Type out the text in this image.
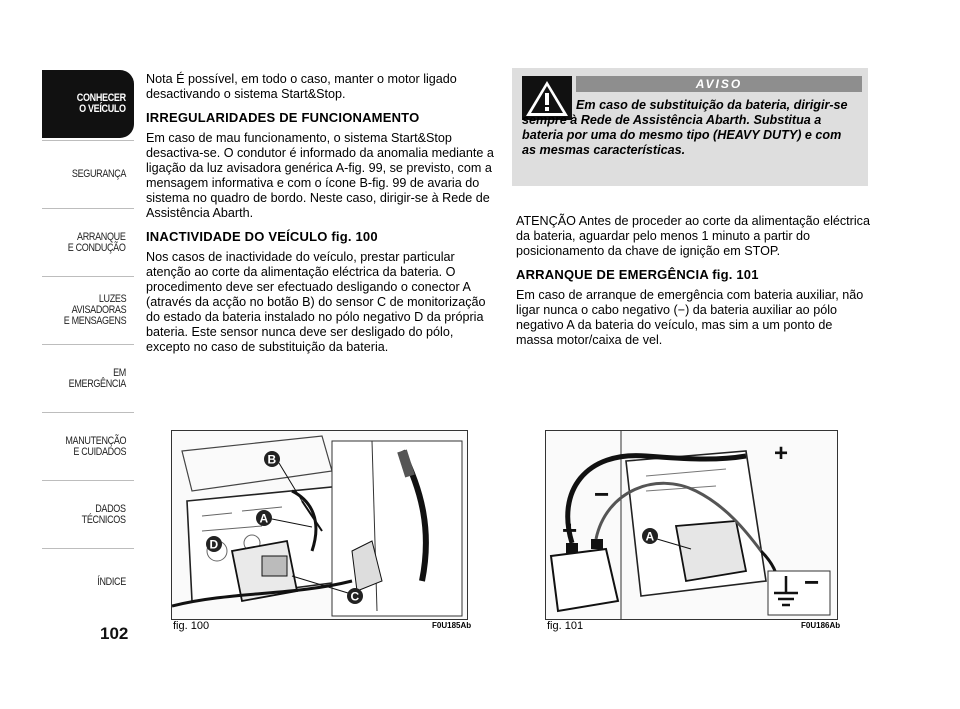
CONHECER
O VEÍCULO
SEGURANÇA
ARRANQUE
E CONDUÇÃO
LUZES
AVISADORAS
E MENSAGENS
EM EMERGÊNCIA
MANUTENÇÃO
E CUIDADOS
DADOS
TÉCNICOS
ÍNDICE
102

Nota É possível, em todo o caso, manter o motor ligado desactivando o sistema Start&Stop.

IRREGULARIDADES DE FUNCIONAMENTO

Em caso de mau funcionamento, o sistema Start&Stop desactiva-se. O condutor é informado da anomalia mediante a ligação da luz avisadora genérica A-fig. 99, se previsto, com a mensagem informativa e com o ícone B-fig. 99 de avaria do sistema no quadro de bordo. Neste caso, dirigir-se à Rede de Assistência Abarth.

INACTIVIDADE DO VEÍCULO fig. 100

Nos casos de inactividade do veículo, prestar particular atenção ao corte da alimentação eléctrica da bateria. O procedimento deve ser efectuado desligando o conector A (através da acção no botão B) do sensor C de monitorização do estado da bateria instalado no pólo negativo D da própria bateria. Este sensor nunca deve ser desligado do pólo, excepto no caso de substituição da bateria.

AVISO
Em caso de substituição da bateria, dirigir-se sempre à Rede de Assistência Abarth. Substitua a bateria por uma do mesmo tipo (HEAVY DUTY) e com as mesmas características.

ATENÇÃO Antes de proceder ao corte da alimentação eléctrica da bateria, aguardar pelo menos 1 minuto a partir do posicionamento da chave de ignição em STOP.

ARRANQUE DE EMERGÊNCIA fig. 101

Em caso de arranque de emergência com bateria auxiliar, não ligar nunca o cabo negativo (−) da bateria auxiliar ao pólo negativo A da bateria do veículo, mas sim a um ponto de massa motor/caixa de vel.

B
A
D
C
fig. 100	F0U185Ab
+
−
+
−
A
fig. 101	F0U186Ab
